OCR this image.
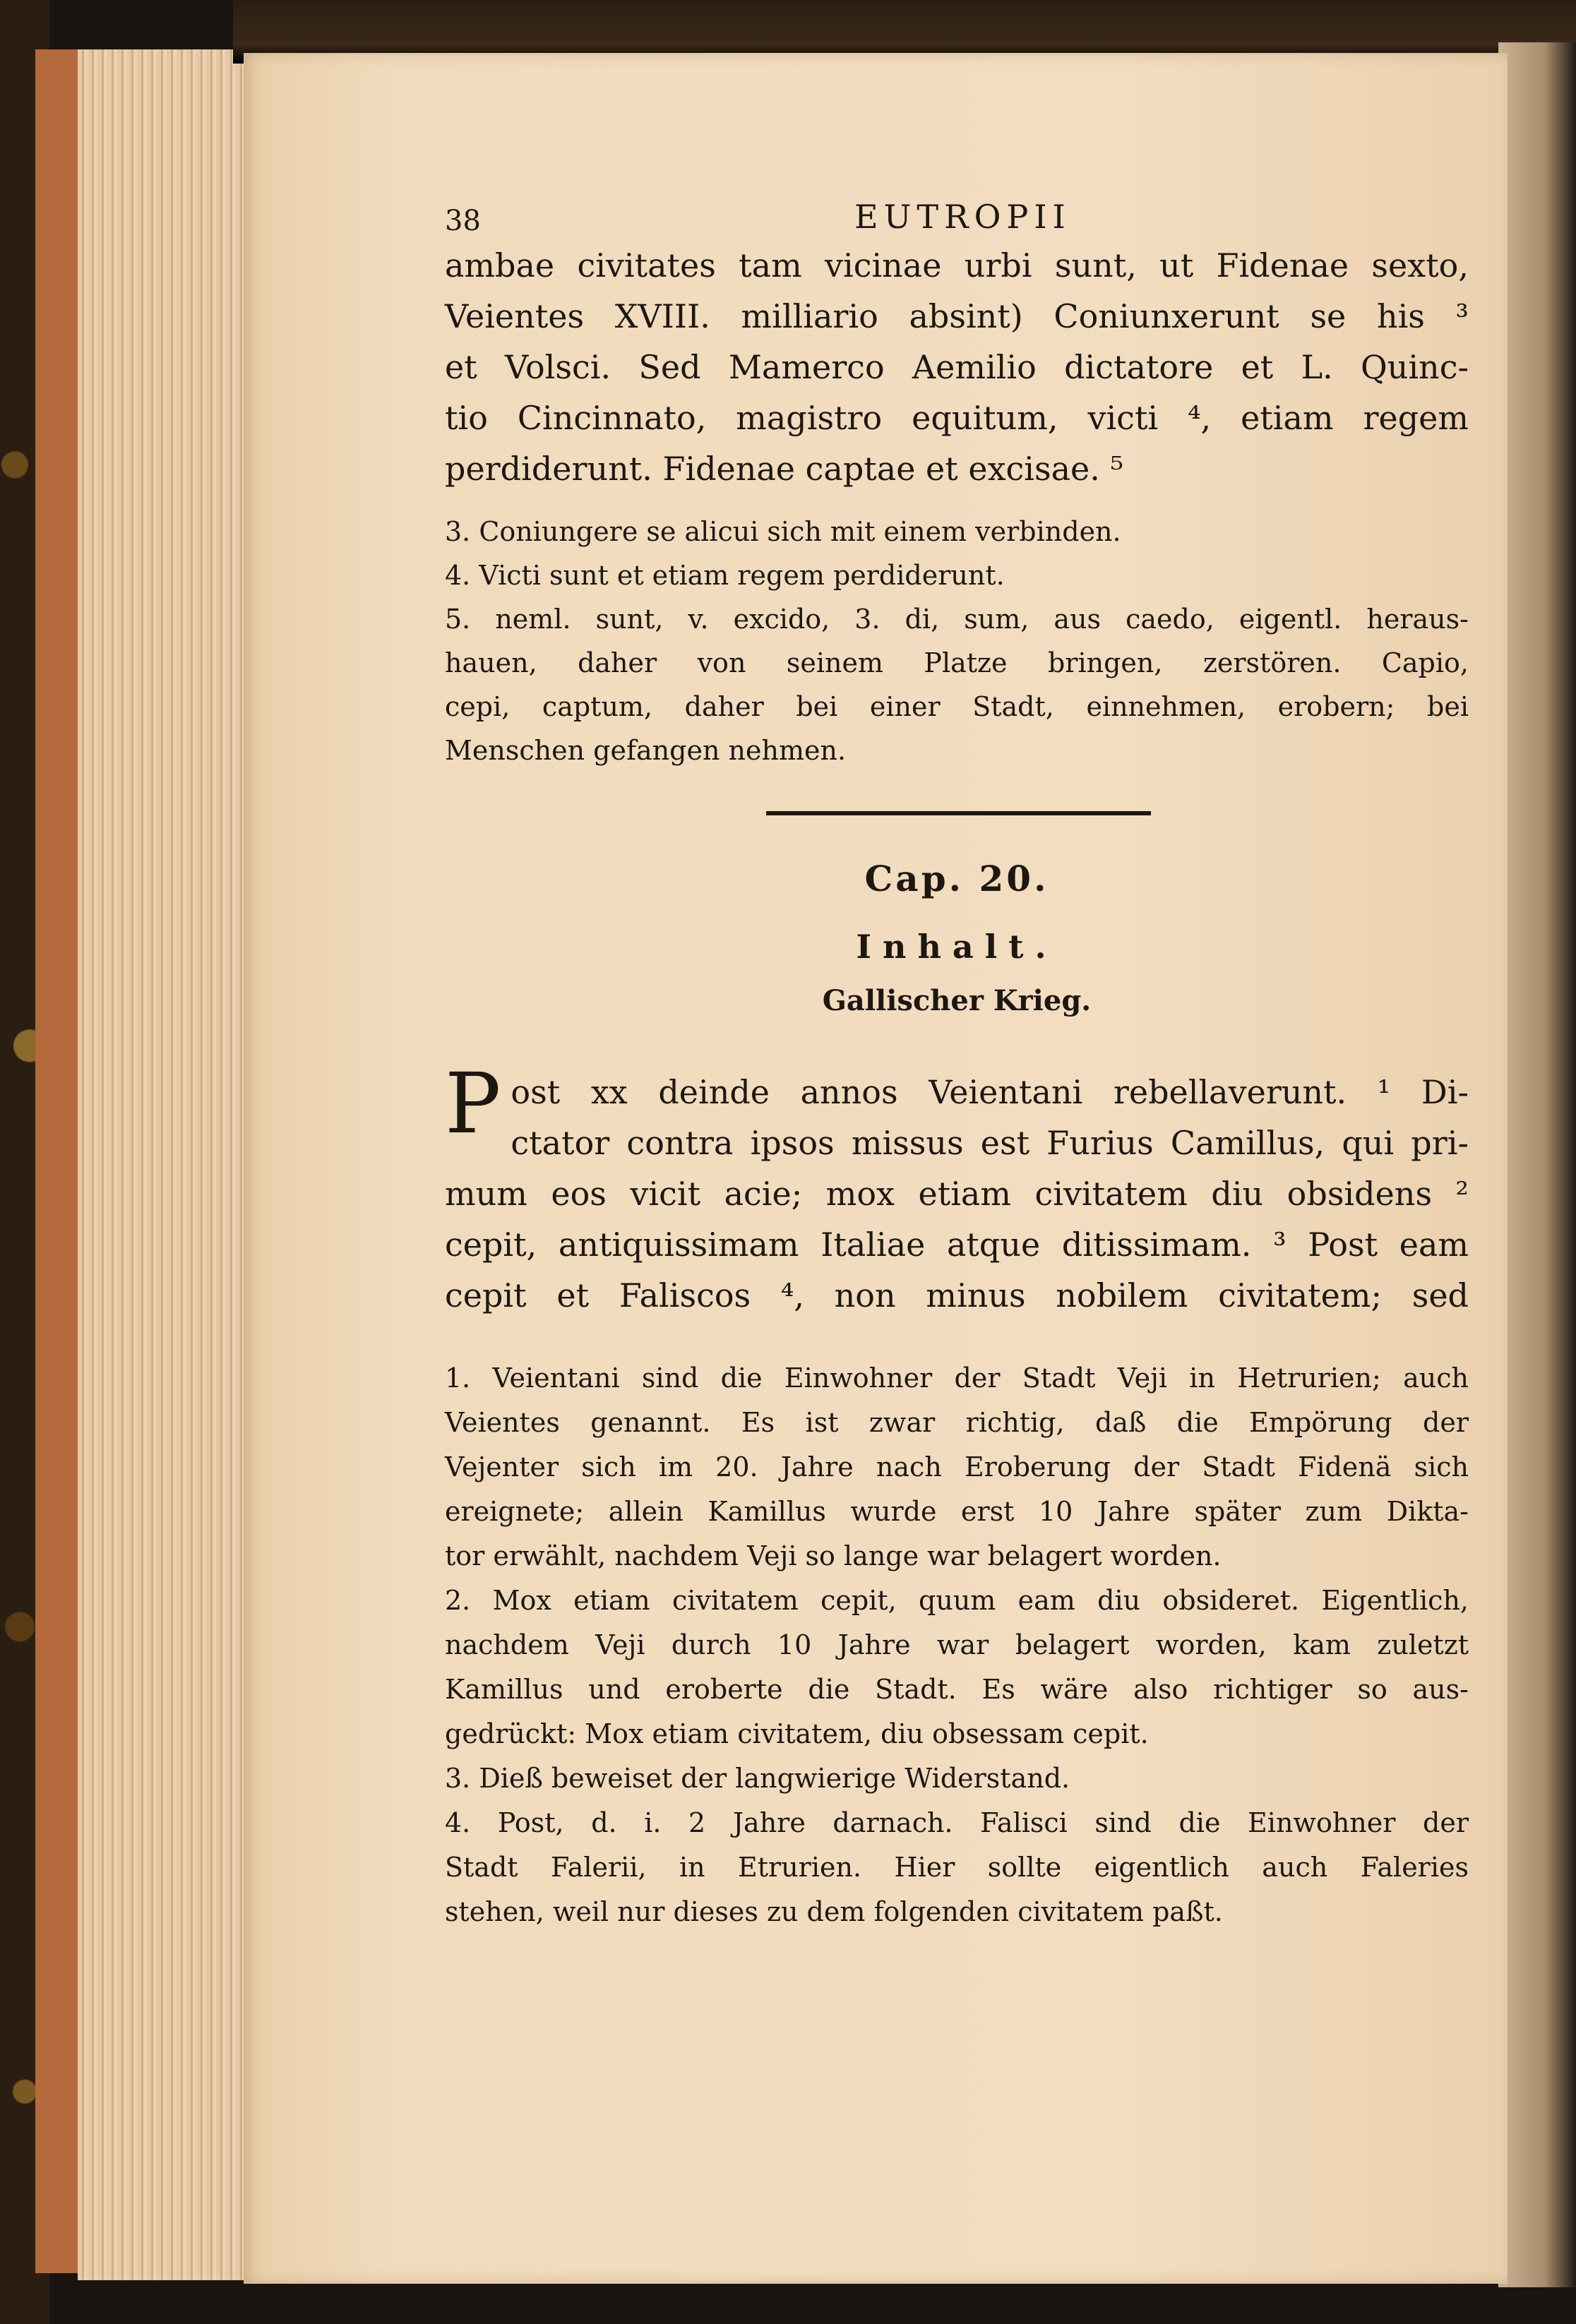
38	EUTROPII

ambae civitates tam vicinae urbi sunt, ut Fidenae sexto,
Veientes XVIII. milliario absint) Coniunxerunt se his ³
et Volsci. Sed Mamerco Aemilio dictatore et L. Quinc-
tio Cincinnato, magistro equitum, victi ⁴, etiam regem
perdiderunt. Fidenae captae et excisae. ⁵

3. Coniungere se alicui sich mit einem verbinden.
4. Victi sunt et etiam regem perdiderunt.
5. neml. sunt, v. excido, 3. di, sum, aus caedo, eigentl. heraus-
hauen, daher von seinem Platze bringen, zerstören. Capio,
cepi, captum, daher bei einer Stadt, einnehmen, erobern; bei
Menschen gefangen nehmen.
Cap. 20.
Inhalt.
Gallischer Krieg.
P ost xx deinde annos Veientani rebellaverunt. ¹ Di-
ctator contra ipsos missus est Furius Camillus, qui pri-
mum eos vicit acie; mox etiam civitatem diu obsidens ²
cepit, antiquissimam Italiae atque ditissimam. ³ Post eam
cepit et Faliscos ⁴, non minus nobilem civitatem; sed
1. Veientani sind die Einwohner der Stadt Veji in Hetrurien; auch
Veientes genannt. Es ist zwar richtig, daß die Empörung der
Vejenter sich im 20. Jahre nach Eroberung der Stadt Fidenä sich
ereignete; allein Kamillus wurde erst 10 Jahre später zum Dikta-
tor erwählt, nachdem Veji so lange war belagert worden.
2. Mox etiam civitatem cepit, quum eam diu obsideret. Eigentlich,
nachdem Veji durch 10 Jahre war belagert worden, kam zuletzt
Kamillus und eroberte die Stadt. Es wäre also richtiger so aus-
gedrückt: Mox etiam civitatem, diu obsessam cepit.
3. Dieß beweiset der langwierige Widerstand.
4. Post, d. i. 2 Jahre darnach. Falisci sind die Einwohner der
Stadt Falerii, in Etrurien. Hier sollte eigentlich auch Faleries
stehen, weil nur dieses zu dem folgenden civitatem paßt.
